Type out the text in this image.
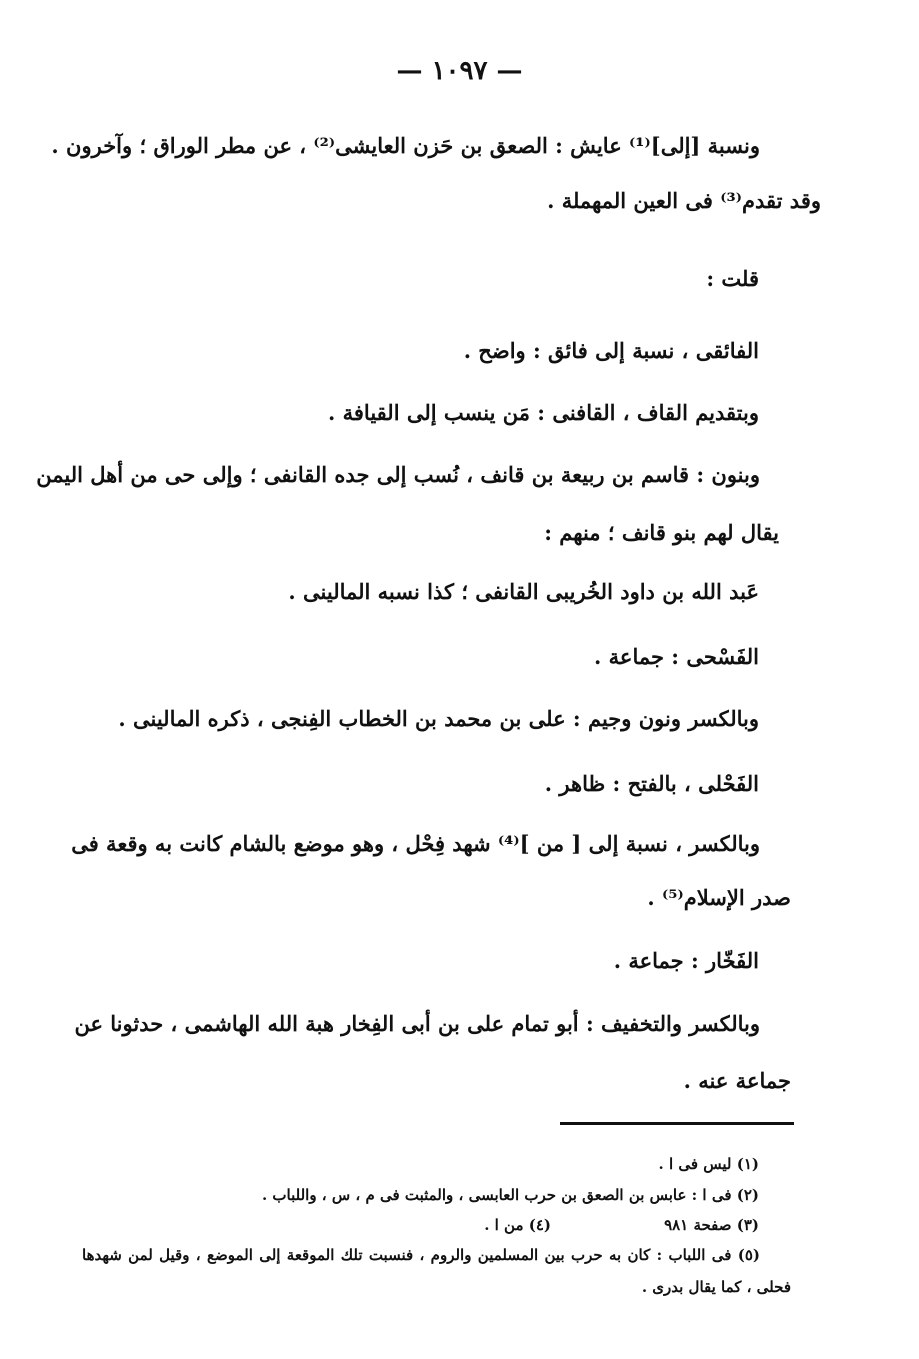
— ١٠٩٧ —
ونسبة [إلى]⁽¹⁾ عايش : الصعق بن حَزن العايشى⁽²⁾ ، عن مطر الوراق ؛ وآخرون .
وقد تقدم⁽³⁾ فى العين المهملة .
قلت :
الفائقى ، نسبة إلى فائق : واضح .
وبتقديم القاف ، القافنى : مَن ينسب إلى القيافة .
وبنون : قاسم بن ربيعة بن قانف ، نُسب إلى جده القانفى ؛ وإلى حى من أهل اليمن
يقال لهم بنو قانف ؛ منهم :
عَبد الله بن داود الخُريبى القانفى ؛ كذا نسبه المالينى .
الفَسْحى : جماعة .
وبالكسر ونون وجيم : على بن محمد بن الخطاب الفِنجى ، ذكره المالينى .
الفَحْلى ، بالفتح : ظاهر .
وبالكسر ، نسبة إلى [ من ]⁽⁴⁾ شهد فِحْل ، وهو موضع بالشام كانت به وقعة فى
صدر الإسلام⁽⁵⁾ .
الفَخّار : جماعة .
وبالكسر والتخفيف : أبو تمام على بن أبى الفِخار هبة الله الهاشمى ، حدثونا عن
جماعة عنه .
(١) ليس فى ا .
(٢) فى ا : عابس بن الصعق بن حرب العابسى ، والمثبت فى م ، س ، واللباب .
(٣) صفحة ٩٨١
(٤) من ا .
(٥) فى اللباب : كان به حرب بين المسلمين والروم ، فنسبت تلك الموقعة إلى الموضع ، وقيل لمن شهدها
فحلى ، كما يقال بدرى .
